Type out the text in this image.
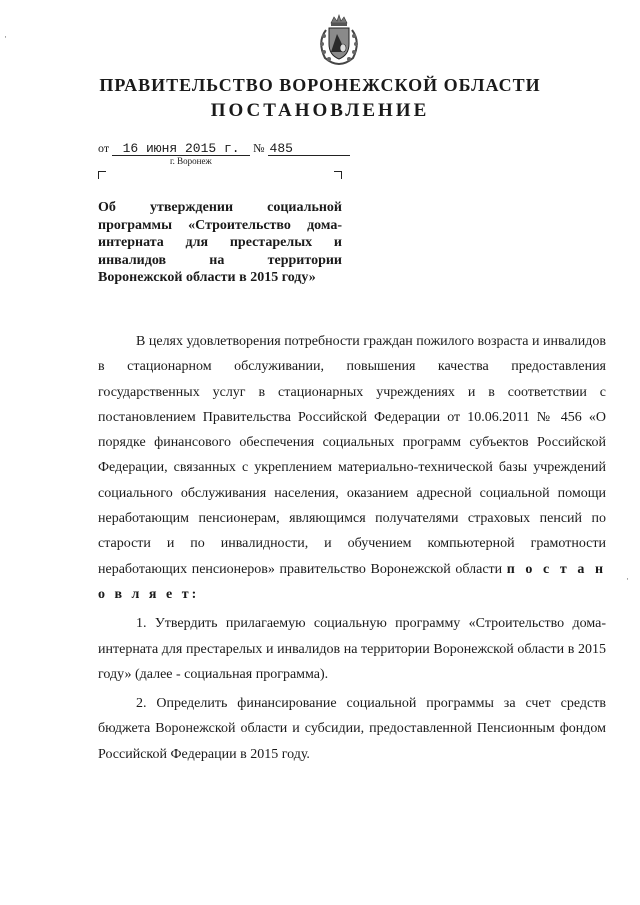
ПРАВИТЕЛЬСТВО ВОРОНЕЖСКОЙ ОБЛАСТИ
ПОСТАНОВЛЕНИЕ
от 16 июня 2015 г. № 485
г. Воронеж
Об утверждении социальной программы «Строительство дома-интерната для престарелых и инвалидов на территории Воронежской области в 2015 году»

В целях удовлетворения потребности граждан пожилого возраста и инвалидов в стационарном обслуживании, повышения качества предоставления государственных услуг в стационарных учреждениях и в соответствии с постановлением Правительства Российской Федерации от 10.06.2011 № 456 «О порядке финансового обеспечения социальных программ субъектов Российской Федерации, связанных с укреплением материально-технической базы учреждений социального обслуживания населения, оказанием адресной социальной помощи неработающим пенсионерам, являющимся получателями страховых пенсий по старости и по инвалидности, и обучением компьютерной грамотности неработающих пенсионеров» правительство Воронежской области п о с т а н о в л я е т:

1. Утвердить прилагаемую социальную программу «Строительство дома-интерната для престарелых и инвалидов на территории Воронежской области в 2015 году» (далее - социальная программа).

2. Определить финансирование социальной программы за счет средств бюджета Воронежской области и субсидии, предоставленной Пенсионным фондом Российской Федерации в 2015 году.

·
·
